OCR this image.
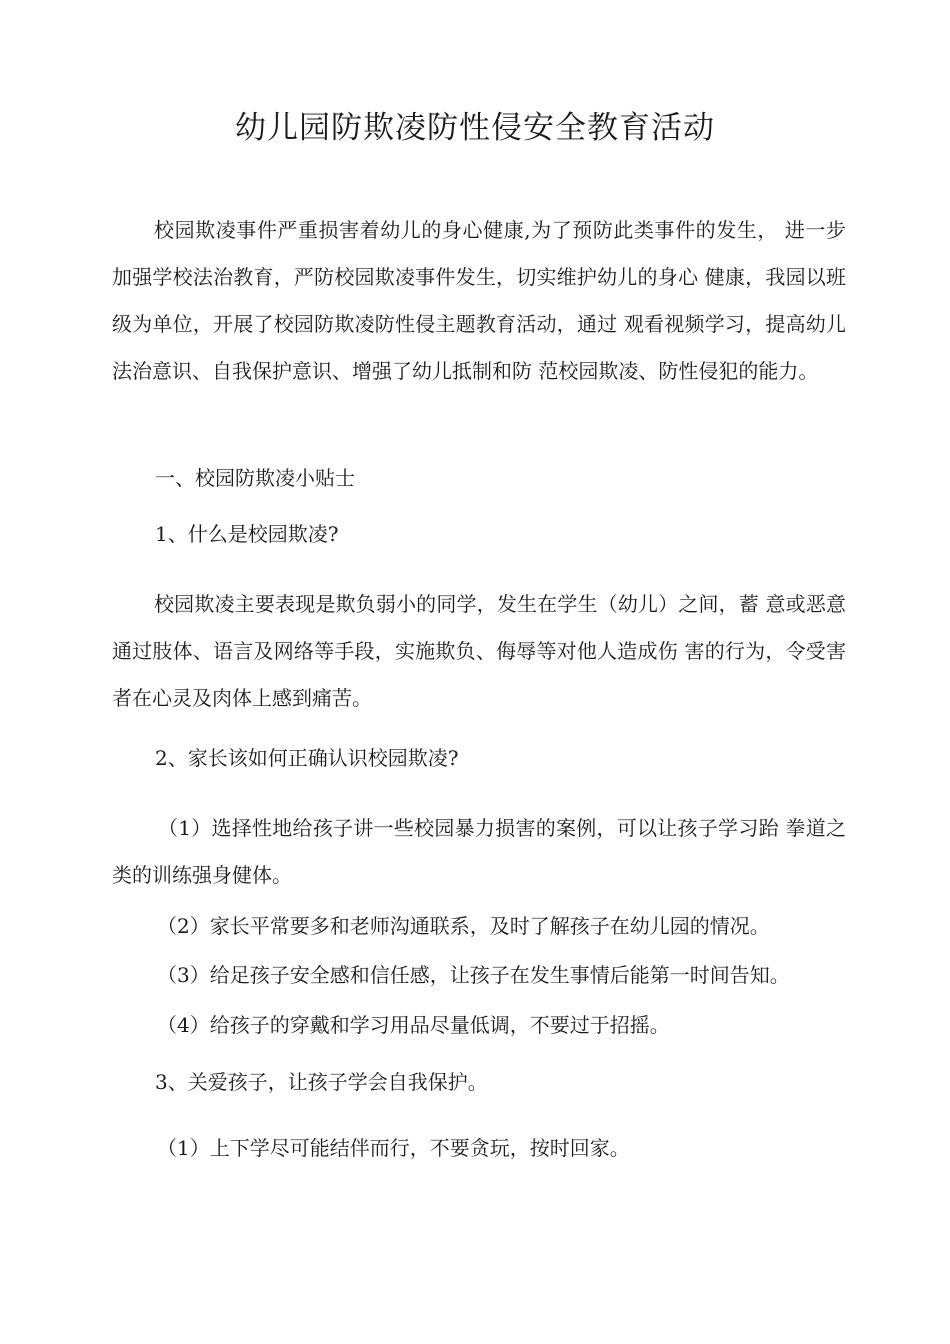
幼儿园防欺凌防性侵安全教育活动

校园欺凌事件严重损害着幼儿的身心健康,为了预防此类事件的发生， 进一步加强学校法治教育，严防校园欺凌事件发生，切实维护幼儿的身心 健康，我园以班级为单位，开展了校园防欺凌防性侵主题教育活动，通过 观看视频学习，提高幼儿法治意识、自我保护意识、增强了幼儿抵制和防 范校园欺凌、防性侵犯的能力。

一、校园防欺凌小贴士

1、什么是校园欺凌?

校园欺凌主要表现是欺负弱小的同学，发生在学生（幼儿）之间，蓄 意或恶意通过肢体、语言及网络等手段，实施欺负、侮辱等对他人造成伤 害的行为，令受害者在心灵及肉体上感到痛苦。

2、家长该如何正确认识校园欺凌?

（1）选择性地给孩子讲一些校园暴力损害的案例，可以让孩子学习跆 拳道之类的训练强身健体。

（2）家长平常要多和老师沟通联系，及时了解孩子在幼儿园的情况。

（3）给足孩子安全感和信任感，让孩子在发生事情后能第一时间告知。

（4）给孩子的穿戴和学习用品尽量低调，不要过于招摇。

3、关爱孩子，让孩子学会自我保护。

（1）上下学尽可能结伴而行，不要贪玩，按时回家。
